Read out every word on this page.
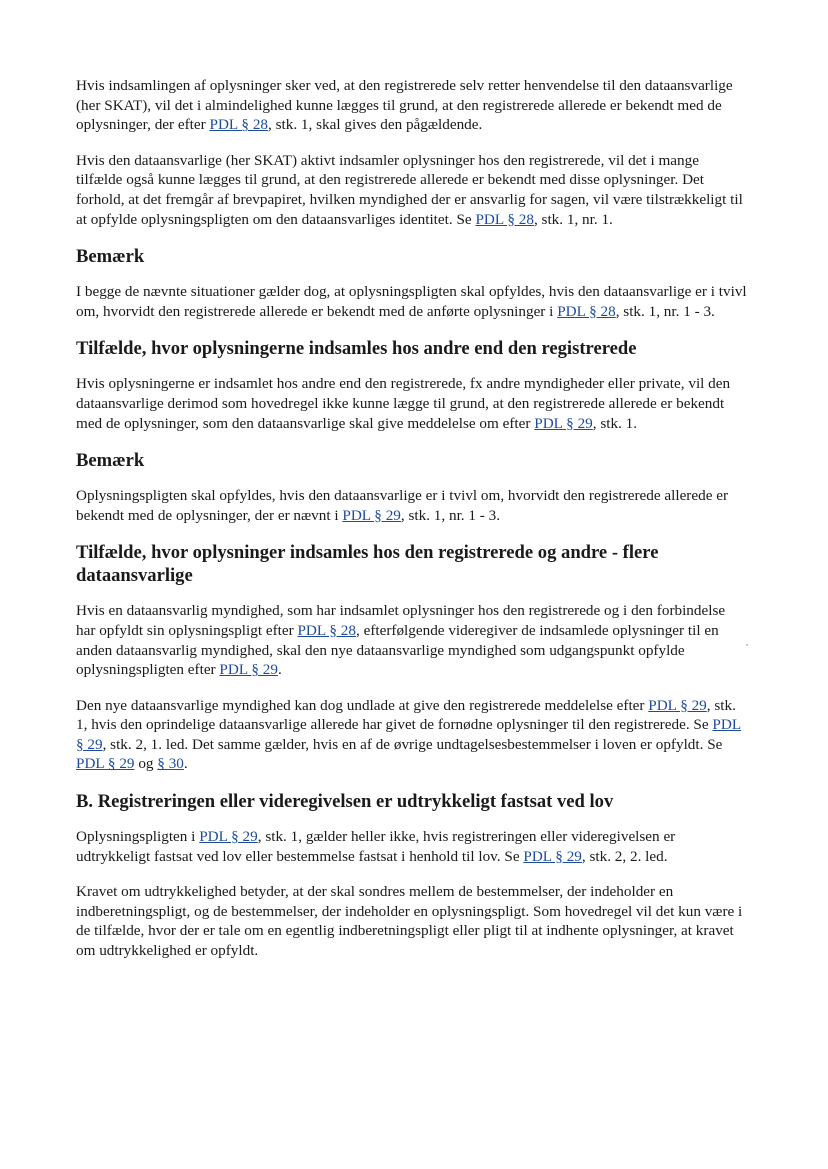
Hvis indsamlingen af oplysninger sker ved, at den registrerede selv retter henvendelse til den dataansvarlige (her SKAT), vil det i almindelighed kunne lægges til grund, at den registrerede allerede er bekendt med de oplysninger, der efter PDL § 28, stk. 1, skal gives den pågældende.

Hvis den dataansvarlige (her SKAT) aktivt indsamler oplysninger hos den registrerede, vil det i mange tilfælde også kunne lægges til grund, at den registrerede allerede er bekendt med disse oplysninger. Det forhold, at det fremgår af brevpapiret, hvilken myndighed der er ansvarlig for sagen, vil være tilstrækkeligt til at opfylde oplysningspligten om den dataansvarliges identitet. Se PDL § 28, stk. 1, nr. 1.

Bemærk

I begge de nævnte situationer gælder dog, at oplysningspligten skal opfyldes, hvis den dataansvarlige er i tvivl om, hvorvidt den registrerede allerede er bekendt med de anførte oplysninger i PDL § 28, stk. 1, nr. 1 - 3.

Tilfælde, hvor oplysningerne indsamles hos andre end den registrerede

Hvis oplysningerne er indsamlet hos andre end den registrerede, fx andre myndigheder eller private, vil den dataansvarlige derimod som hovedregel ikke kunne lægge til grund, at den registrerede allerede er bekendt med de oplysninger, som den dataansvarlige skal give meddelelse om efter PDL § 29, stk. 1.

Bemærk

Oplysningspligten skal opfyldes, hvis den dataansvarlige er i tvivl om, hvorvidt den registrerede allerede er bekendt med de oplysninger, der er nævnt i PDL § 29, stk. 1, nr. 1 - 3.

Tilfælde, hvor oplysninger indsamles hos den registrerede og andre - flere dataansvarlige

Hvis en dataansvarlig myndighed, som har indsamlet oplysninger hos den registrerede og i den forbindelse har opfyldt sin oplysningspligt efter PDL § 28, efterfølgende videregiver de indsamlede oplysninger til en anden dataansvarlig myndighed, skal den nye dataansvarlige myndighed som udgangspunkt opfylde oplysningspligten efter PDL § 29.

Den nye dataansvarlige myndighed kan dog undlade at give den registrerede meddelelse efter PDL § 29, stk. 1, hvis den oprindelige dataansvarlige allerede har givet de fornødne oplysninger til den registrerede. Se PDL § 29, stk. 2, 1. led. Det samme gælder, hvis en af de øvrige undtagelsesbestemmelser i loven er opfyldt. Se PDL § 29 og § 30.

B. Registreringen eller videregivelsen er udtrykkeligt fastsat ved lov

Oplysningspligten i PDL § 29, stk. 1, gælder heller ikke, hvis registreringen eller videregivelsen er udtrykkeligt fastsat ved lov eller bestemmelse fastsat i henhold til lov. Se PDL § 29, stk. 2, 2. led.

Kravet om udtrykkelighed betyder, at der skal sondres mellem de bestemmelser, der indeholder en indberetningspligt, og de bestemmelser, der indeholder en oplysningspligt. Som hovedregel vil det kun være i de tilfælde, hvor der er tale om en egentlig indberetningspligt eller pligt til at indhente oplysninger, at kravet om udtrykkelighed er opfyldt.
